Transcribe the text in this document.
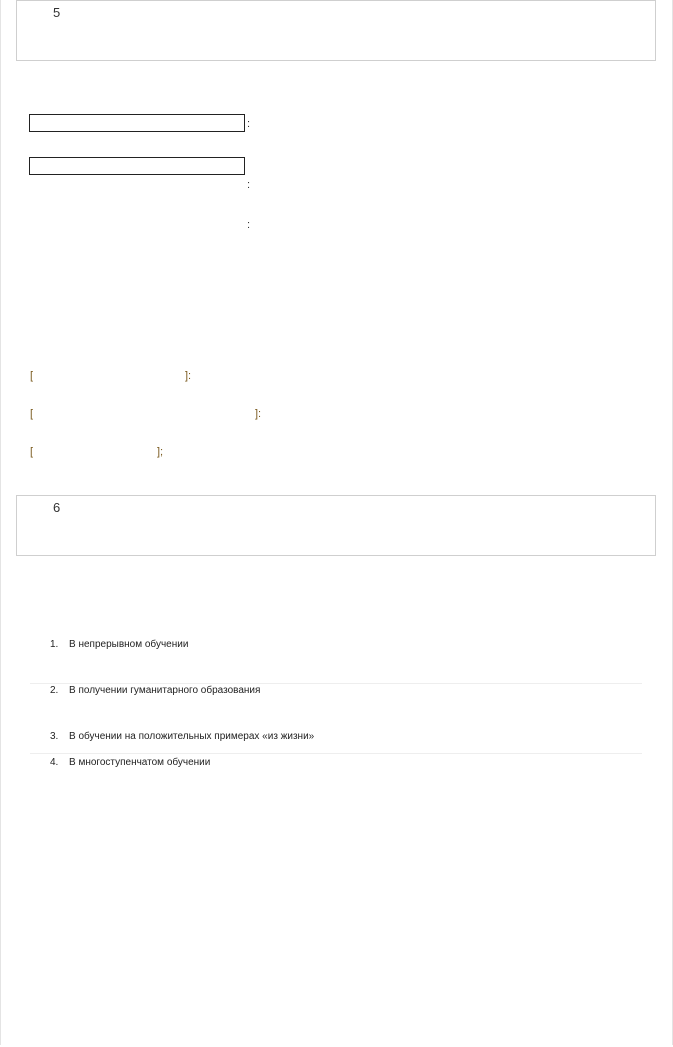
5
:
:
:
[	]:
[	]:
[	];
6
1. В непрерывном обучении
2. В получении гуманитарного образования
3. В обучении на положительных примерах «из жизни»
4. В многоступенчатом обучении
